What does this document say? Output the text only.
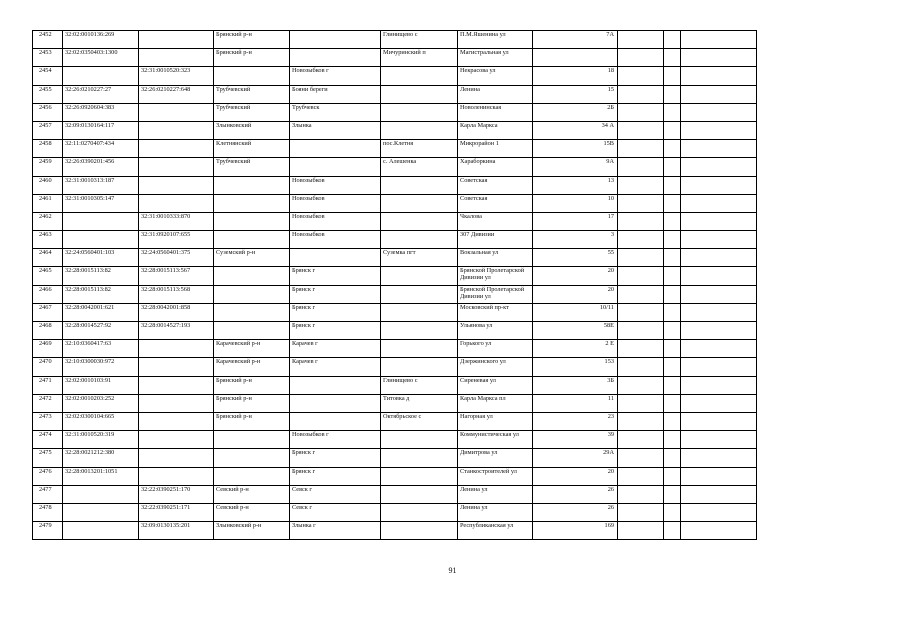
2452	32:02:0010136:269		Брянский р-н		Глинищево с	П.М.Яшенина ул	7А			
2453	32:02:0350403:1300		Брянский р-н		Мичуринский п	Магистральная ул				
2454		32:31:0010520:323		Новозыбков г		Некрасова ул	18			
2455	32:26:0210227:27	32:26:0210227:648	Трубчевский	Бояни береги		Ленина	15			
2456	32:26:0920604:383		Трубчевский	Трубчевск		Новоленинская	2Б			
2457	32:09:0130164:117		Злынковский	Злынка		Карла Маркса	34 А			
2458	32:11:0270407:434		Клетнянский		пос.Клетня	Микрорайон 1	15В			
2459	32:26:0390201:456		Трубчевский		с. Алешенка	Хараборкина	9А			
2460	32:31:0010313:187			Новозыбков		Советская	13			
2461	32:31:0010305:147			Новозыбков		Советская	10			
2462		32:31:0010333:870		Новозыбков		Чкалова	17			
2463		32:31:0920107:655		Новозыбков		307 Дивизии	3			
2464	32:24:0560401:103	32:24:0560401:375	Суземский р-н		Суземка пгт	Вокзальная ул	55			
2465	32:28:0015113:82	32:28:0015113:567		Брянск г		Брянской Пролетарской Дивизии ул	20			
2466	32:28:0015113:82	32:28:0015113:568		Брянск г		Брянской Пролетарской Дивизии ул	20			
2467	32:28:0042001:621	32:28:0042001:858		Брянск г		Московский пр-кт	10/11			
2468	32:28:0014527:92	32:28:0014527:193		Брянск г		Ульянова ул	58Е			
2469	32:10:0360417:63		Карачевский р-н	Карачев г		Горького ул	2 Е			
2470	32:10:0300030:972		Карачевский р-н	Карачев г		Дзержинского ул	153			
2471	32:02:0010103:91		Брянский р-н		Глинищево с	Сиреневая ул	3Б			
2472	32:02:0010203:252		Брянский р-н		Титовка д	Карла Маркса пл	11			
2473	32:02:0300104:665		Брянский р-н		Октябрьское с	Нагорная ул	23			
2474	32:31:0010520:319			Новозыбков г		Коммунистическая ул	39			
2475	32:28:0021212:380			Брянск г		Димитрова ул	29А			
2476	32:28:0013201:1051			Брянск г		Станкостроителей ул	20			
2477		32:22:0390251:170	Севский р-н	Севск г		Ленина ул	26			
2478		32:22:0390251:171	Севский р-н	Севск г		Ленина ул	26			
2479		32:09:0130135:201	Злынковский р-н	Злынка г		Республиканская ул	169			
91
